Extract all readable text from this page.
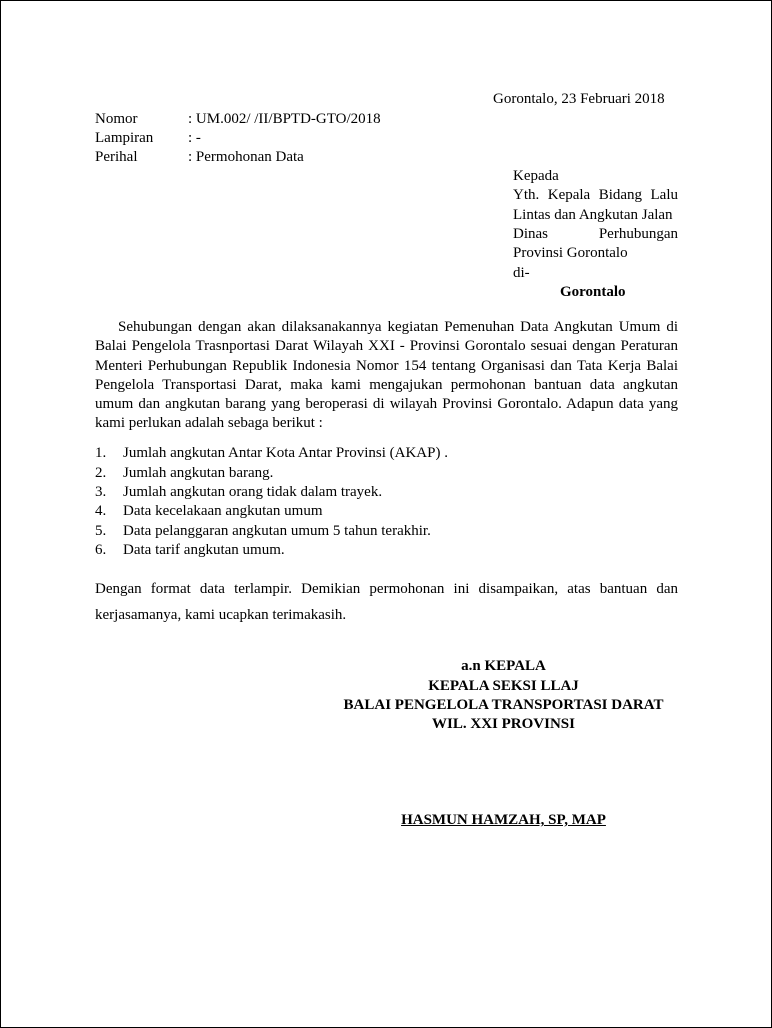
Gorontalo, 23 Februari 2018
Nomor	: UM.002/ /II/BPTD-GTO/2018
Lampiran : -
Perihal	: Permohonan Data
Kepada
Yth. Kepala Bidang Lalu
Lintas dan Angkutan Jalan
Dinas	Perhubungan
Provinsi Gorontalo
di-
Gorontalo
Sehubungan dengan akan dilaksanakannya kegiatan Pemenuhan Data Angkutan Umum di Balai Pengelola Trasnportasi Darat Wilayah XXI - Provinsi Gorontalo sesuai dengan Peraturan Menteri Perhubungan Republik Indonesia Nomor 154 tentang Organisasi dan Tata Kerja Balai Pengelola Transportasi Darat, maka kami mengajukan permohonan bantuan data angkutan umum dan angkutan barang yang beroperasi di wilayah Provinsi Gorontalo. Adapun data yang kami perlukan adalah sebaga berikut :
1. Jumlah angkutan Antar Kota Antar Provinsi (AKAP) .
2. Jumlah angkutan barang.
3. Jumlah angkutan orang tidak dalam trayek.
4. Data kecelakaan angkutan umum
5. Data pelanggaran angkutan umum 5 tahun terakhir.
6. Data tarif angkutan umum.
Dengan format data terlampir. Demikian permohonan ini disampaikan, atas bantuan dan kerjasamanya, kami ucapkan terimakasih.
a.n KEPALA
KEPALA SEKSI LLAJ
BALAI PENGELOLA TRANSPORTASI DARAT
WIL. XXI PROVINSI
HASMUN HAMZAH, SP, MAP
